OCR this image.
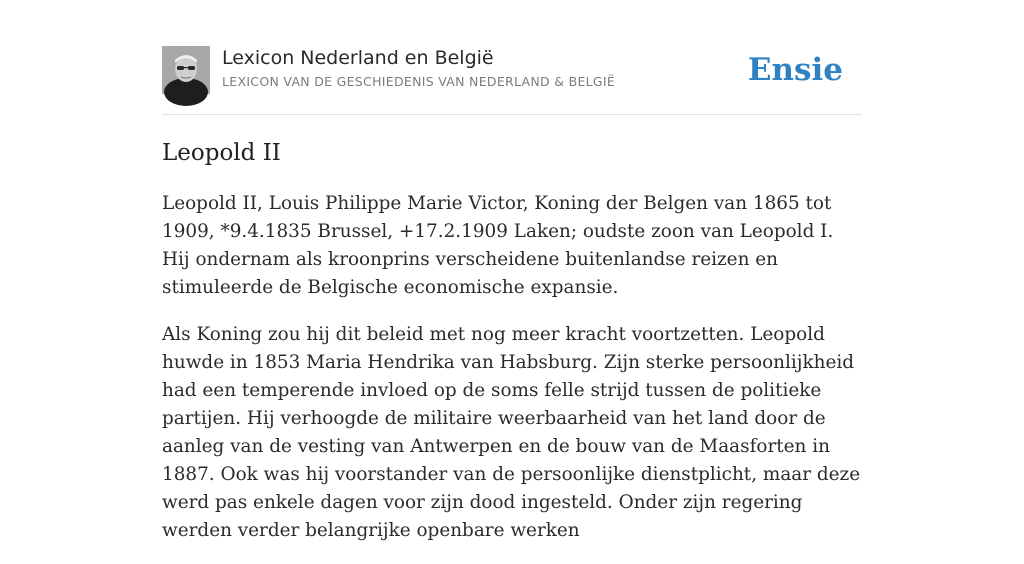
Lexicon Nederland en België
LEXICON VAN DE GESCHIEDENIS VAN NEDERLAND & BELGIË	Ensie
Leopold II

Leopold II, Louis Philippe Marie Victor, Koning der Belgen van 1865 tot 1909, *9.4.1835 Brussel, +17.2.1909 Laken; oudste zoon van Leopold I. Hij ondernam als kroonprins verscheidene buitenlandse reizen en stimuleerde de Belgische economische expansie.

Als Koning zou hij dit beleid met nog meer kracht voortzetten. Leopold huwde in 1853 Maria Hendrika van Habsburg. Zijn sterke persoonlijkheid had een temperende invloed op de soms felle strijd tussen de politieke partijen. Hij verhoogde de militaire weerbaarheid van het land door de aanleg van de vesting van Antwerpen en de bouw van de Maasforten in 1887. Ook was hij voorstander van de persoonlijke dienstplicht, maar deze werd pas enkele dagen voor zijn dood ingesteld. Onder zijn regering werden verder belangrijke openbare werken
